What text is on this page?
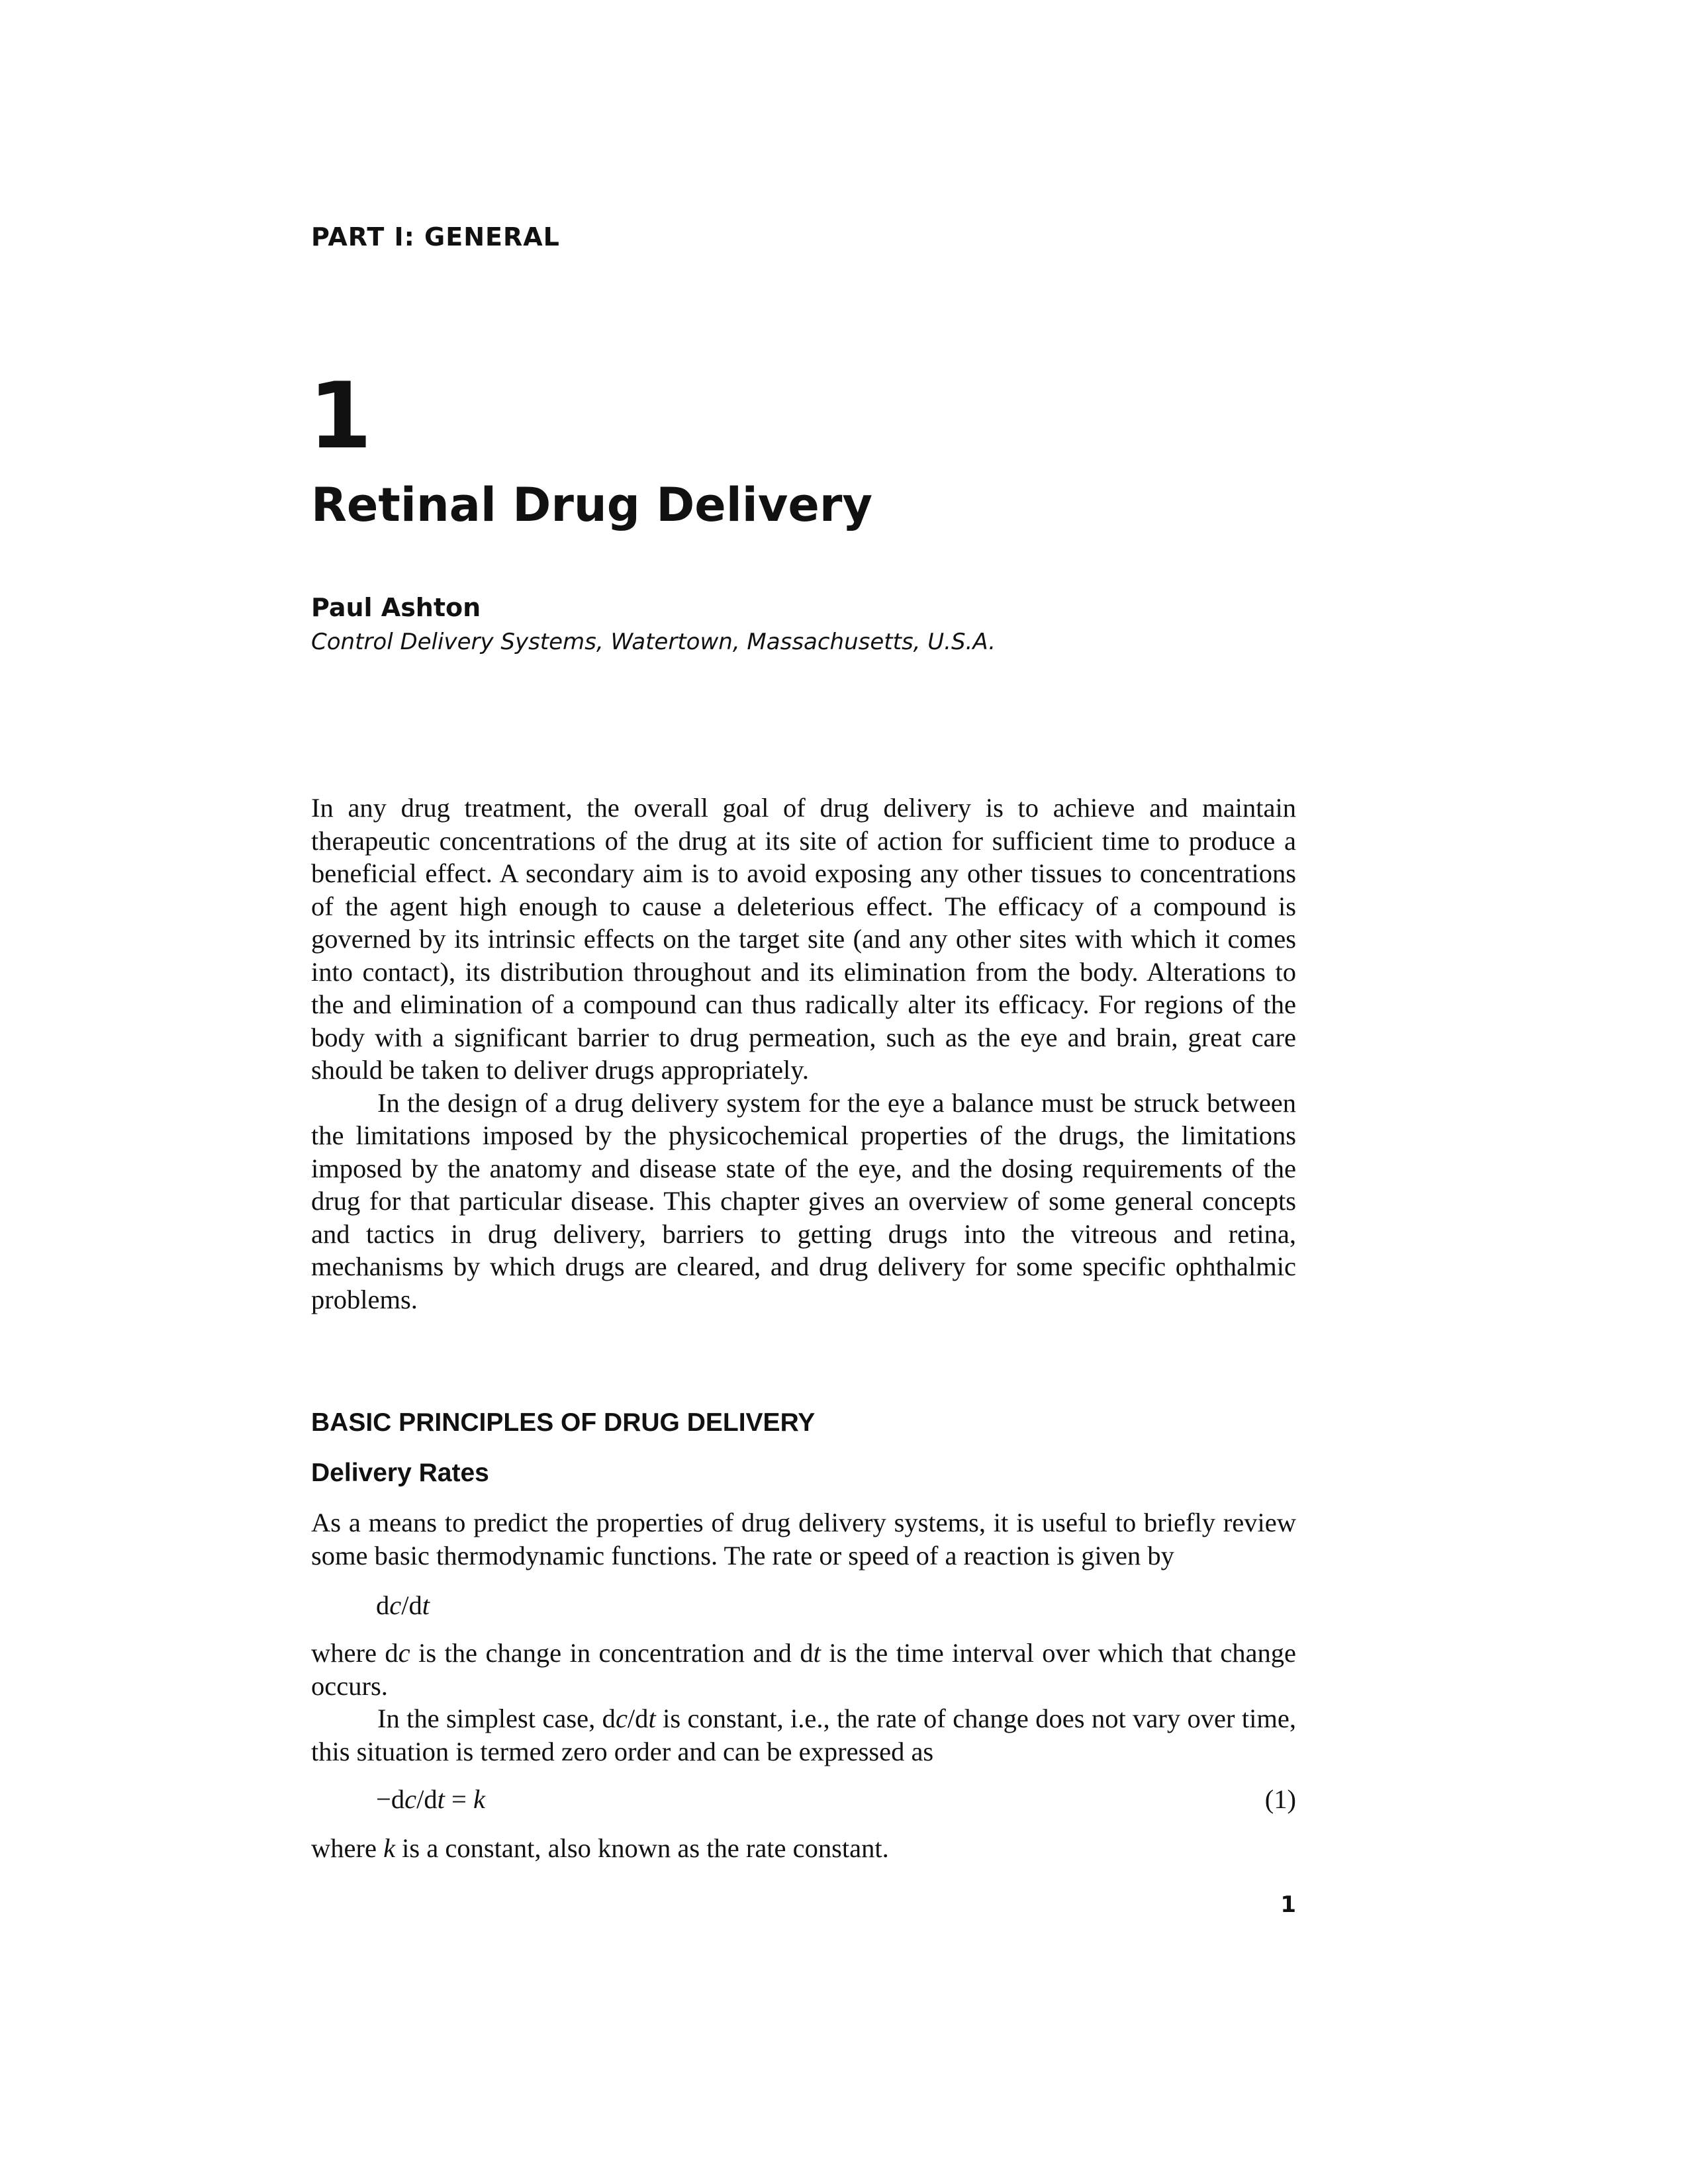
PART I: GENERAL
1
Retinal Drug Delivery
Paul Ashton
Control Delivery Systems, Watertown, Massachusetts, U.S.A.

In any drug treatment, the overall goal of drug delivery is to achieve and maintain therapeutic concentrations of the drug at its site of action for sufficient time to produce a beneficial effect. A secondary aim is to avoid exposing any other tissues to concentrations of the agent high enough to cause a deleterious effect. The efficacy of a compound is governed by its intrinsic effects on the target site (and any other sites with which it comes into contact), its distribution throughout and its elimination from the body. Alterations to the and elimination of a compound can thus radically alter its efficacy. For regions of the body with a significant barrier to drug permeation, such as the eye and brain, great care should be taken to deliver drugs appropriately.

In the design of a drug delivery system for the eye a balance must be struck between the limitations imposed by the physicochemical properties of the drugs, the limitations imposed by the anatomy and disease state of the eye, and the dosing requirements of the drug for that particular disease. This chapter gives an overview of some general concepts and tactics in drug delivery, barriers to getting drugs into the vitreous and retina, mechanisms by which drugs are cleared, and drug delivery for some specific ophthalmic problems.

BASIC PRINCIPLES OF DRUG DELIVERY
Delivery Rates

As a means to predict the properties of drug delivery systems, it is useful to briefly review some basic thermodynamic functions. The rate or speed of a reaction is given by

dc/dt

where dc is the change in concentration and dt is the time interval over which that change occurs.

In the simplest case, dc/dt is constant, i.e., the rate of change does not vary over time, this situation is termed zero order and can be expressed as

−dc/dt = k	(1)

where k is a constant, also known as the rate constant.

1
